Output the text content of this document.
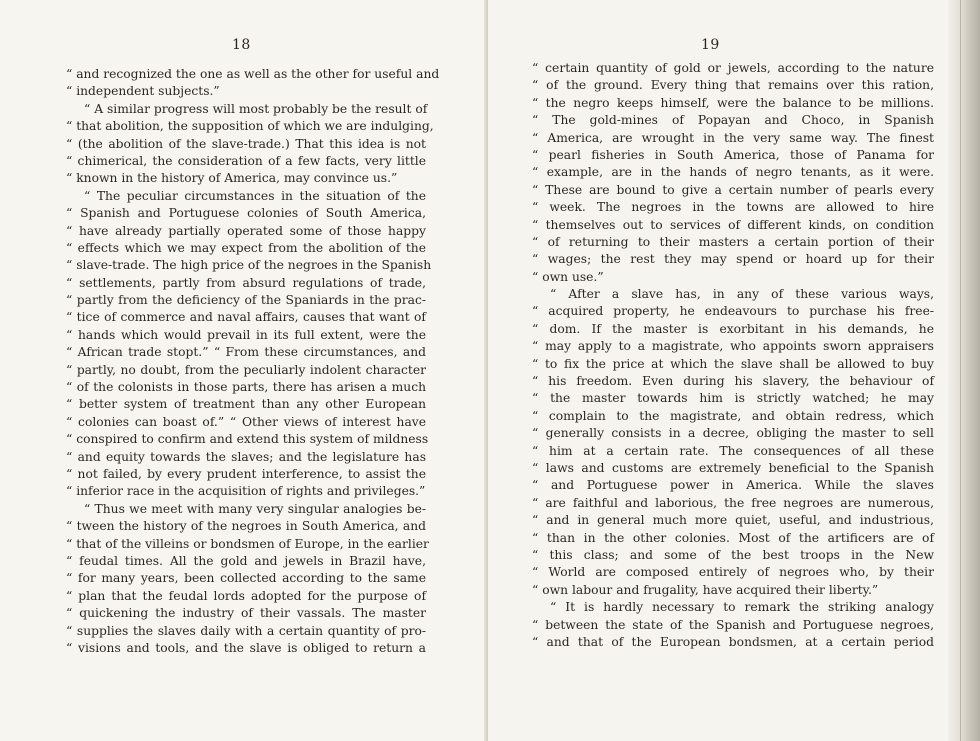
18
“ and recognized the one as well as the other for useful and
“ independent subjects.”
“ A similar progress will most probably be the result of
“ that abolition, the supposition of which we are indulging,
“ (the abolition of the slave-trade.) That this idea is not
“ chimerical, the consideration of a few facts, very little
“ known in the history of America, may convince us.”
“ The peculiar circumstances in the situation of the
“ Spanish and Portuguese colonies of South America,
“ have already partially operated some of those happy
“ effects which we may expect from the abolition of the
“ slave-trade. The high price of the negroes in the Spanish
“ settlements, partly from absurd regulations of trade,
“ partly from the deficiency of the Spaniards in the prac-
“ tice of commerce and naval affairs, causes that want of
“ hands which would prevail in its full extent, were the
“ African trade stopt.” “ From these circumstances, and
“ partly, no doubt, from the peculiarly indolent character
“ of the colonists in those parts, there has arisen a much
“ better system of treatment than any other European
“ colonies can boast of.” “ Other views of interest have
“ conspired to confirm and extend this system of mildness
“ and equity towards the slaves; and the legislature has
“ not failed, by every prudent interference, to assist the
“ inferior race in the acquisition of rights and privileges.”
“ Thus we meet with many very singular analogies be-
“ tween the history of the negroes in South America, and
“ that of the villeins or bondsmen of Europe, in the earlier
“ feudal times. All the gold and jewels in Brazil have,
“ for many years, been collected according to the same
“ plan that the feudal lords adopted for the purpose of
“ quickening the industry of their vassals. The master
“ supplies the slaves daily with a certain quantity of pro-
“ visions and tools, and the slave is obliged to return a
19
“ certain quantity of gold or jewels, according to the nature
“ of the ground. Every thing that remains over this ration,
“ the negro keeps himself, were the balance to be millions.
“ The gold-mines of Popayan and Choco, in Spanish
“ America, are wrought in the very same way. The finest
“ pearl fisheries in South America, those of Panama for
“ example, are in the hands of negro tenants, as it were.
“ These are bound to give a certain number of pearls every
“ week. The negroes in the towns are allowed to hire
“ themselves out to services of different kinds, on condition
“ of returning to their masters a certain portion of their
“ wages; the rest they may spend or hoard up for their
“ own use.”
“ After a slave has, in any of these various ways,
“ acquired property, he endeavours to purchase his free-
“ dom. If the master is exorbitant in his demands, he
“ may apply to a magistrate, who appoints sworn appraisers
“ to fix the price at which the slave shall be allowed to buy
“ his freedom. Even during his slavery, the behaviour of
“ the master towards him is strictly watched; he may
“ complain to the magistrate, and obtain redress, which
“ generally consists in a decree, obliging the master to sell
“ him at a certain rate. The consequences of all these
“ laws and customs are extremely beneficial to the Spanish
“ and Portuguese power in America. While the slaves
“ are faithful and laborious, the free negroes are numerous,
“ and in general much more quiet, useful, and industrious,
“ than in the other colonies. Most of the artificers are of
“ this class; and some of the best troops in the New
“ World are composed entirely of negroes who, by their
“ own labour and frugality, have acquired their liberty.”
“ It is hardly necessary to remark the striking analogy
“ between the state of the Spanish and Portuguese negroes,
“ and that of the European bondsmen, at a certain period
